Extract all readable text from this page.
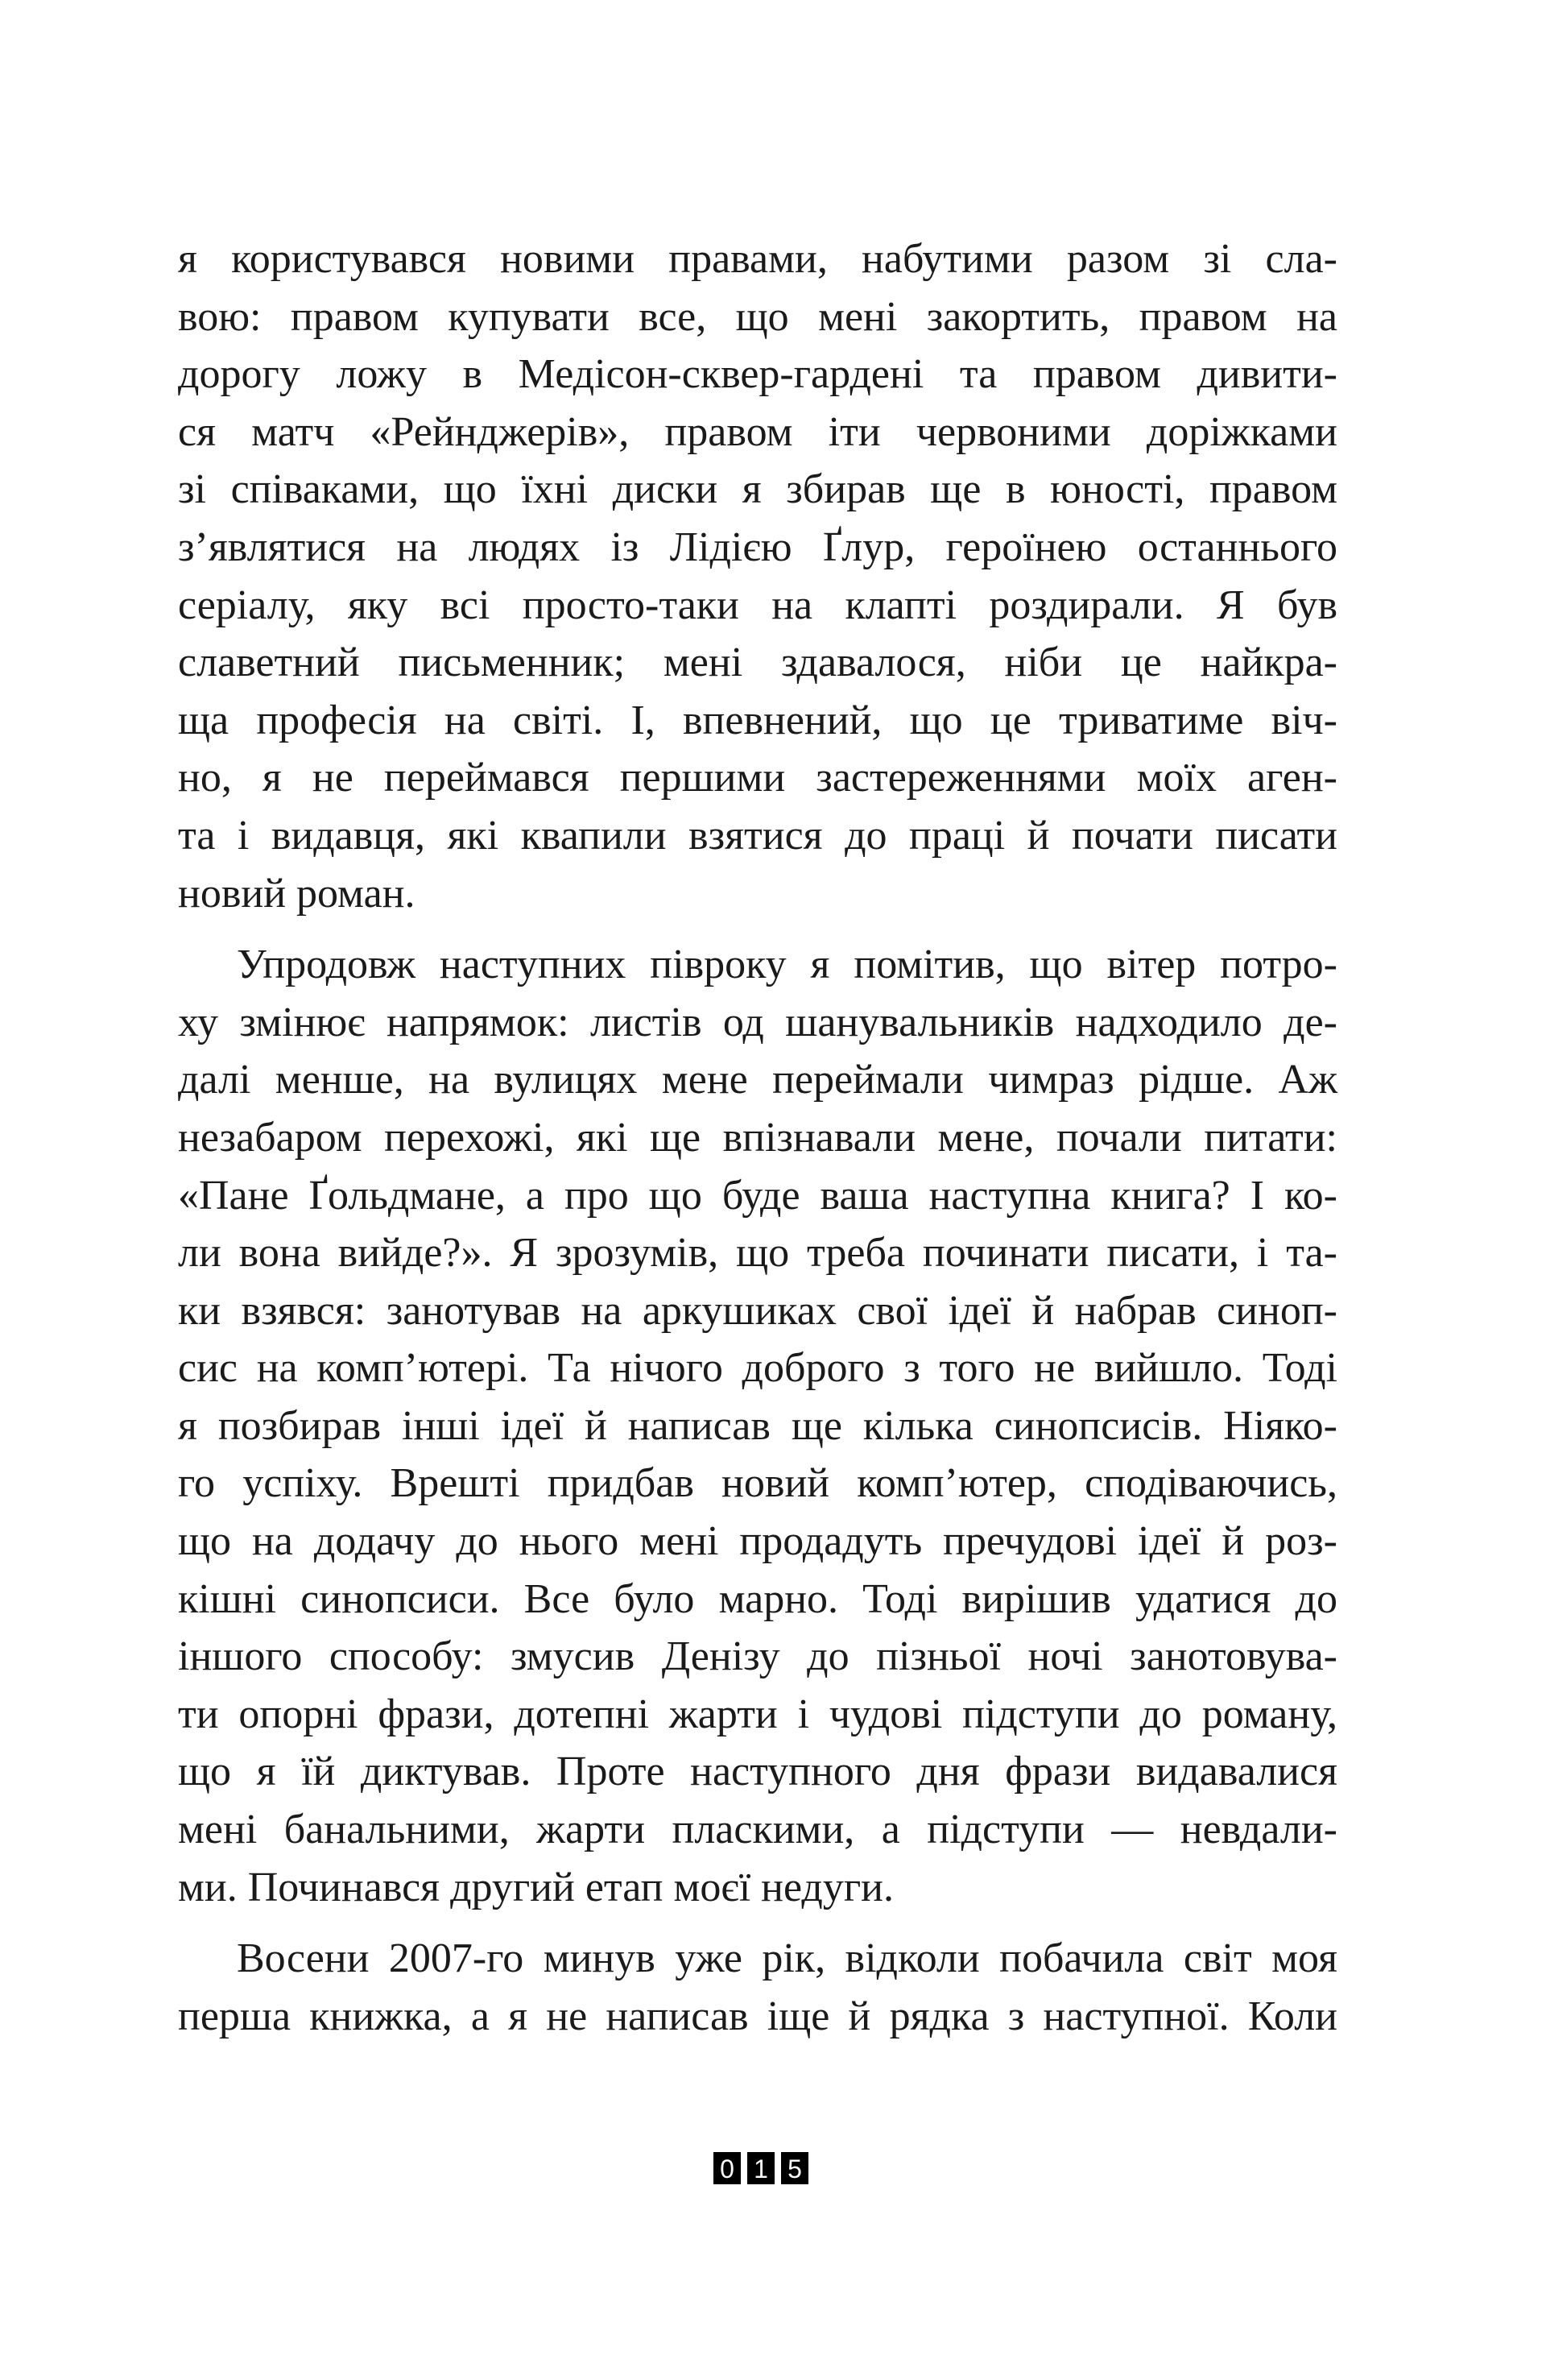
я користувався новими правами, набутими разом зі сла-
вою: правом купувати все, що мені закортить, правом на
дорогу ложу в Медісон-сквер-гардені та правом дивити-
ся матч «Рейнджерів», правом іти червоними доріжками
зі співаками, що їхні диски я збирав ще в юності, правом
з’являтися на людях із Лідією Ґлур, героїнею останнього
серіалу, яку всі просто-таки на клапті роздирали. Я був
славетний письменник; мені здавалося, ніби це найкра-
ща професія на світі. І, впевнений, що це триватиме віч-
но, я не переймався першими застереженнями моїх аген-
та і видавця, які квапили взятися до праці й почати писати
новий роман.
Упродовж наступних півроку я помітив, що вітер потро-
ху змінює напрямок: листів од шанувальників надходило де-
далі менше, на вулицях мене переймали чимраз рідше. Аж
незабаром перехожі, які ще впізнавали мене, почали питати:
«Пане Ґольдмане, а про що буде ваша наступна книга? І ко-
ли вона вийде?». Я зрозумів, що треба починати писати, і та-
ки взявся: занотував на аркушиках свої ідеї й набрав синоп-
сис на комп’ютері. Та нічого доброго з того не вийшло. Тоді
я позбирав інші ідеї й написав ще кілька синопсисів. Ніяко-
го успіху. Врешті придбав новий комп’ютер, сподіваючись,
що на додачу до нього мені продадуть пречудові ідеї й роз-
кішні синопсиси. Все було марно. Тоді вирішив удатися до
іншого способу: змусив Денізу до пізньої ночі занотовува-
ти опорні фрази, дотепні жарти і чудові підступи до роману,
що я їй диктував. Проте наступного дня фрази видавалися
мені банальними, жарти пласкими, а підступи — невдали-
ми. Починався другий етап моєї недуги.
Восени 2007-го минув уже рік, відколи побачила світ моя
перша книжка, а я не написав іще й рядка з наступної. Коли
0 1 5
